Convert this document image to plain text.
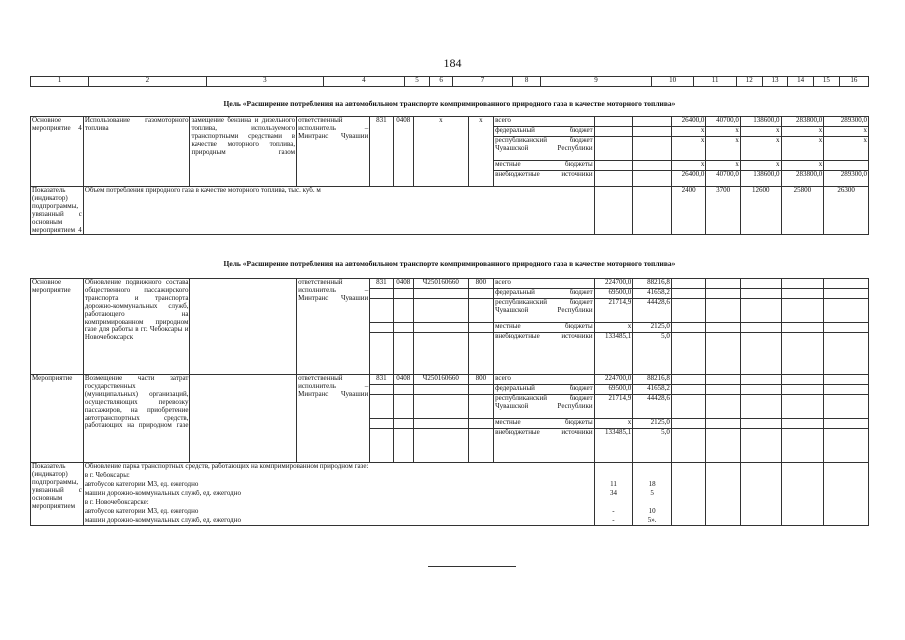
184
1	2	3	4	5	6	7	8	9	10	11	12	13	14	15	16
Цель «Расширение потребления на автомобильном транспорте компримированного природного газа в качестве моторного топлива»
Основное мероприятие 4	Использование газомоторного топлива	замещение бензина и дизельного топлива, используемого транспортными средствами в качестве моторного топлива, природным газом	ответственный исполнитель – Минтранс Чувашии	831	0408	х	х	всего			26400,0	40700,0	138600,0	283800,0	289300,0
								федеральный бюджет			х	х	х	х	х
								республиканский бюджет Чувашской Республики			х	х	х	х	х
								местные бюджеты			х	х	х	х	
								внебюджетные источники			26400,0	40700,0	138600,0	283800,0	289300,0
Показатель (индикатор) подпрограммы, увязанный с основным мероприятием 4	Объем потребления природного газа в качестве моторного топлива, тыс. куб. м										2400	3700	12600	25800	26300
Цель «Расширение потребления на автомобильном транспорте компримированного природного газа в качестве моторного топлива»
Основное мероприятие	Обновление подвижного состава общественного пассажирского транспорта и транспорта дорожно-коммунальных служб, работающего на компримированном природном газе для работы в гг. Чебоксары и Новочебоксарск		ответственный исполнитель – Минтранс Чувашии	831	0408	Ч250160660	800	всего	224700,0	88216,8					
								федеральный бюджет	69500,0	41658,2					
								республиканский бюджет Чувашской Республики	21714,9	44428,6					
								местные бюджеты	х	2125,0					
								внебюджетные источники	133485,1	5,0					
Мероприятие	Возмещение части затрат государственных (муниципальных) организаций, осуществляющих перевозку пассажиров, на приобретение автотранспортных средств, работающих на природном газе		ответственный исполнитель – Минтранс Чувашии	831	0408	Ч250160660	800	всего	224700,0	88216,8					
								федеральный бюджет	69500,0	41658,2					
								республиканский бюджет Чувашской Республики	21714,9	44428,6					
								местные бюджеты	х	2125,0					
								внебюджетные источники	133485,1	5,0					
Показатель (индикатор) подпрограммы, увязанный с основным мероприятием	Обновление парка транспортных средств, работающих на компримированном природном газе:														
	в г. Чебоксары:														
	автобусов категории М3, ед. ежегодно								11	18					
	машин дорожно-коммунальных служб, ед. ежегодно								34	5					
	в г. Новочебоксарске:														
	автобусов категории М3, ед. ежегодно								-	10					
	машин дорожно-коммунальных служб, ед. ежегодно								-	5».					
